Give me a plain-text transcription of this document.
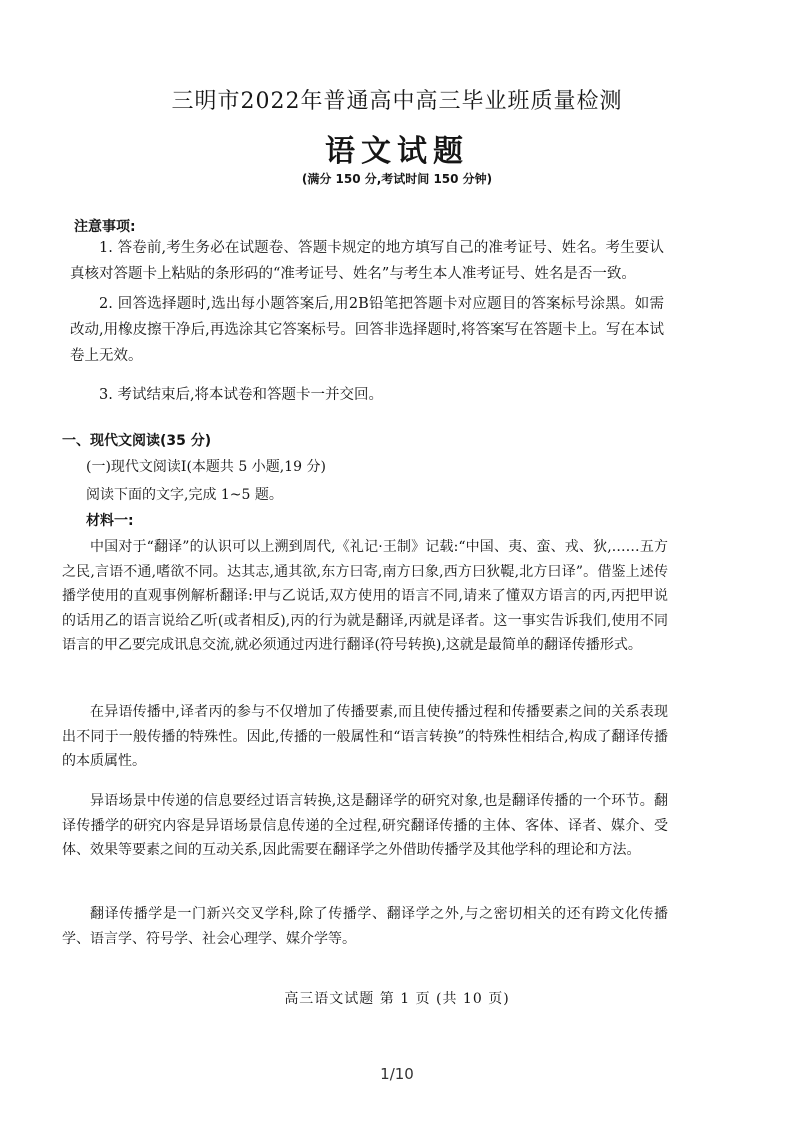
三明市2022年普通高中高三毕业班质量检测
语文试题
(满分 150 分,考试时间 150 分钟)
注意事项:
1. 答卷前,考生务必在试题卷、答题卡规定的地方填写自己的准考证号、姓名。考生要认真核对答题卡上粘贴的条形码的“准考证号、姓名”与考生本人准考证号、姓名是否一致。
2. 回答选择题时,选出每小题答案后,用2B铅笔把答题卡对应题目的答案标号涂黑。如需改动,用橡皮擦干净后,再选涂其它答案标号。回答非选择题时,将答案写在答题卡上。写在本试卷上无效。
3. 考试结束后,将本试卷和答题卡一并交回。
一、现代文阅读(35 分)
(一)现代文阅读Ⅰ(本题共 5 小题,19 分)
阅读下面的文字,完成 1~5 题。
材料一:
中国对于“翻译”的认识可以上溯到周代,《礼记·王制》记载:“中国、夷、蛮、戎、狄,……五方之民,言语不通,嗜欲不同。达其志,通其欲,东方曰寄,南方曰象,西方曰狄鞮,北方曰译”。借鉴上述传播学使用的直观事例解析翻译:甲与乙说话,双方使用的语言不同,请来了懂双方语言的丙,丙把甲说的话用乙的语言说给乙听(或者相反),丙的行为就是翻译,丙就是译者。这一事实告诉我们,使用不同语言的甲乙要完成讯息交流,就必须通过丙进行翻译(符号转换),这就是最简单的翻译传播形式。
在异语传播中,译者丙的参与不仅增加了传播要素,而且使传播过程和传播要素之间的关系表现出不同于一般传播的特殊性。因此,传播的一般属性和“语言转换”的特殊性相结合,构成了翻译传播的本质属性。
异语场景中传递的信息要经过语言转换,这是翻译学的研究对象,也是翻译传播的一个环节。翻译传播学的研究内容是异语场景信息传递的全过程,研究翻译传播的主体、客体、译者、媒介、受体、效果等要素之间的互动关系,因此需要在翻译学之外借助传播学及其他学科的理论和方法。
翻译传播学是一门新兴交叉学科,除了传播学、翻译学之外,与之密切相关的还有跨文化传播学、语言学、符号学、社会心理学、媒介学等。
高三语文试题 第 1 页 (共 10 页)
1/10
